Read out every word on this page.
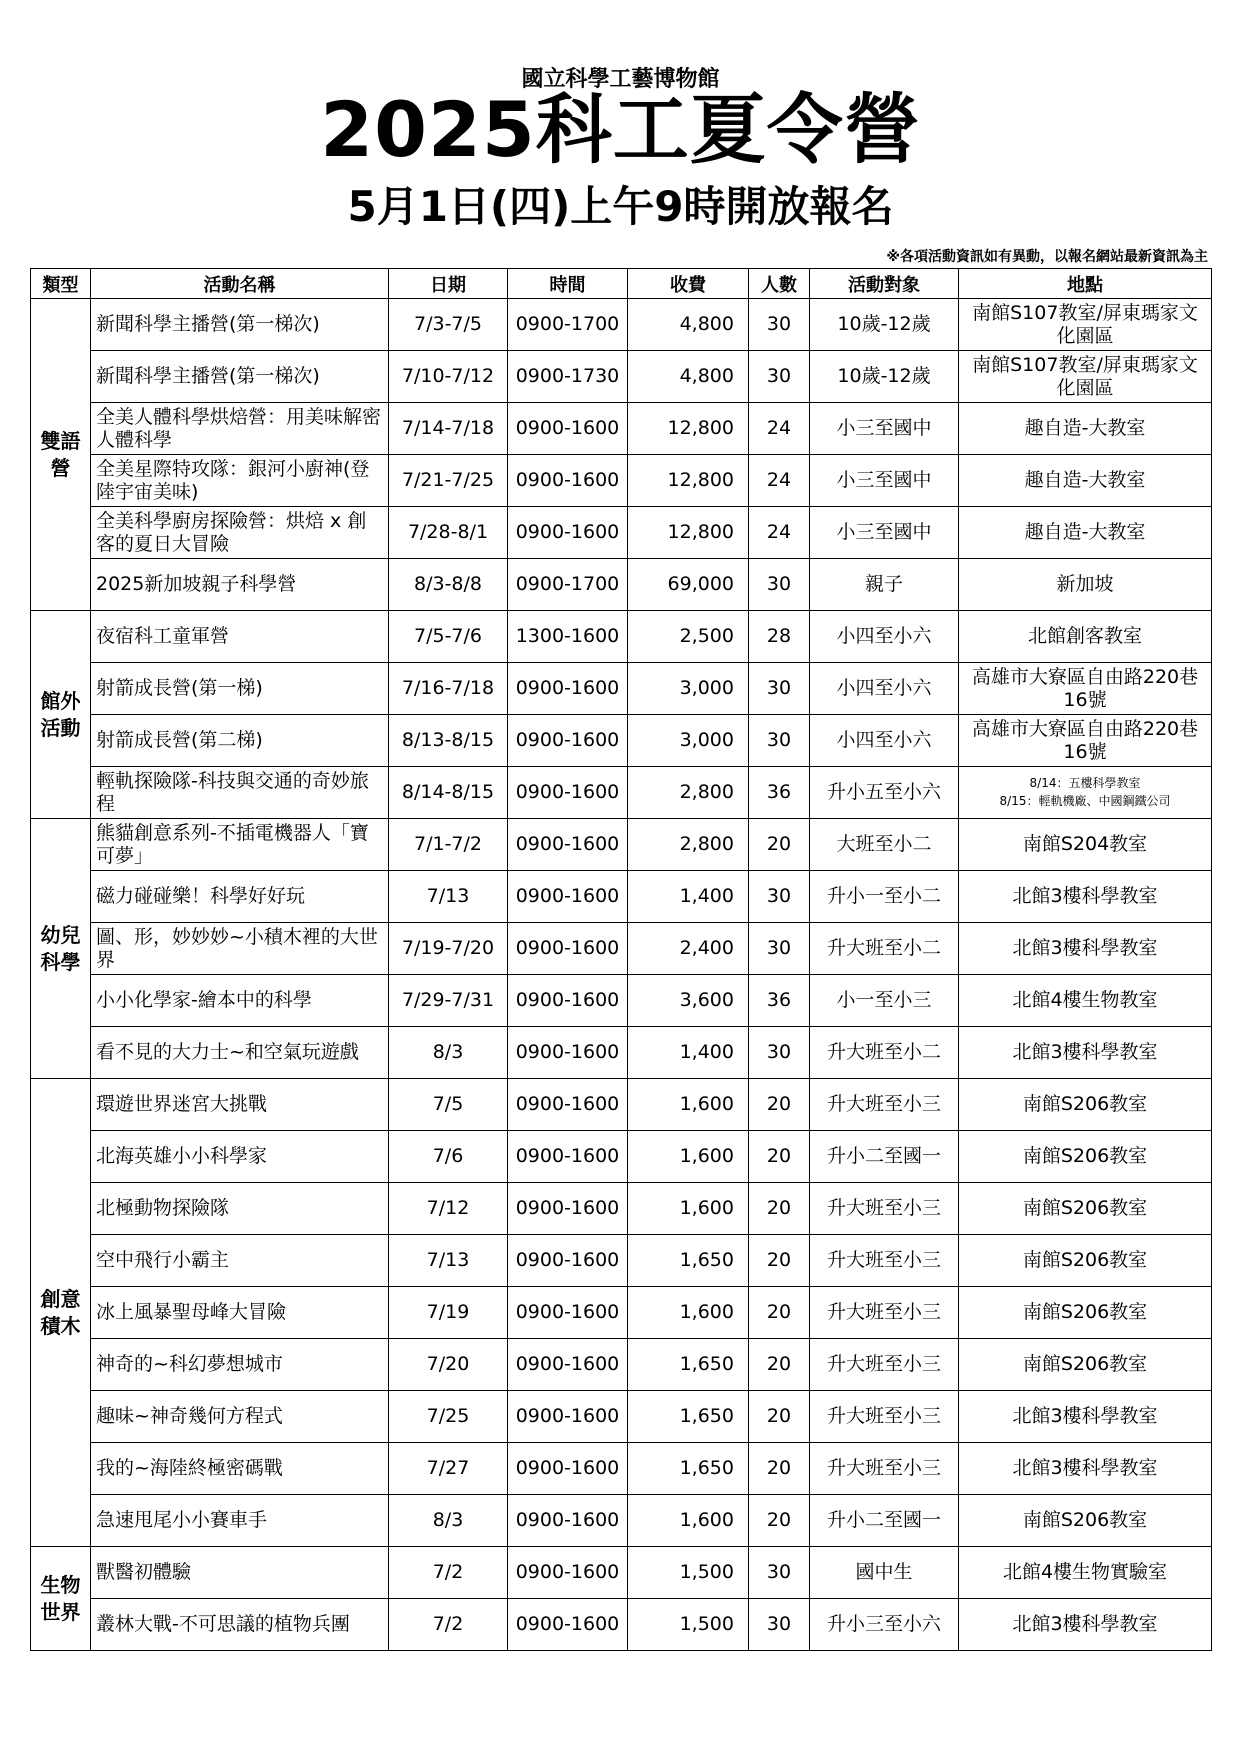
國立科學工藝博物館
2025科工夏令營
5月1日(四)上午9時開放報名
※各項活動資訊如有異動，以報名網站最新資訊為主
類型	活動名稱	日期	時間	收費	人數	活動對象	地點

雙語營	新聞科學主播營(第一梯次)	7/3-7/5	0900-1700	4,800	30	10歲-12歲	南館S107教室/屏東瑪家文化園區
	新聞科學主播營(第一梯次)	7/10-7/12	0900-1730	4,800	30	10歲-12歲	南館S107教室/屏東瑪家文化園區
	全美人體科學烘焙營：用美味解密人體科學	7/14-7/18	0900-1600	12,800	24	小三至國中	趣自造-大教室
	全美星際特攻隊：銀河小廚神(登陸宇宙美味)	7/21-7/25	0900-1600	12,800	24	小三至國中	趣自造-大教室
	全美科學廚房探險營：烘焙 x 創客的夏日大冒險	7/28-8/1	0900-1600	12,800	24	小三至國中	趣自造-大教室
	2025新加坡親子科學營	8/3-8/8	0900-1700	69,000	30	親子	新加坡

館外活動	夜宿科工童軍營	7/5-7/6	1300-1600	2,500	28	小四至小六	北館創客教室
	射箭成長營(第一梯)	7/16-7/18	0900-1600	3,000	30	小四至小六	高雄市大寮區自由路220巷16號
	射箭成長營(第二梯)	8/13-8/15	0900-1600	3,000	30	小四至小六	高雄市大寮區自由路220巷16號
	輕軌探險隊-科技與交通的奇妙旅程	8/14-8/15	0900-1600	2,800	36	升小五至小六	8/14：五樓科學教室
8/15：輕軌機廠、中國鋼鐵公司

幼兒科學	熊貓創意系列-不插電機器人「寶可夢」	7/1-7/2	0900-1600	2,800	20	大班至小二	南館S204教室
	磁力碰碰樂！科學好好玩	7/13	0900-1600	1,400	30	升小一至小二	北館3樓科學教室
	圖、形，妙妙妙~小積木裡的大世界	7/19-7/20	0900-1600	2,400	30	升大班至小二	北館3樓科學教室
	小小化學家-繪本中的科學	7/29-7/31	0900-1600	3,600	36	小一至小三	北館4樓生物教室
	看不見的大力士~和空氣玩遊戲	8/3	0900-1600	1,400	30	升大班至小二	北館3樓科學教室

創意積木	環遊世界迷宮大挑戰	7/5	0900-1600	1,600	20	升大班至小三	南館S206教室
	北海英雄小小科學家	7/6	0900-1600	1,600	20	升小二至國一	南館S206教室
	北極動物探險隊	7/12	0900-1600	1,600	20	升大班至小三	南館S206教室
	空中飛行小霸主	7/13	0900-1600	1,650	20	升大班至小三	南館S206教室
	冰上風暴聖母峰大冒險	7/19	0900-1600	1,600	20	升大班至小三	南館S206教室
	神奇的~科幻夢想城市	7/20	0900-1600	1,650	20	升大班至小三	南館S206教室
	趣味~神奇幾何方程式	7/25	0900-1600	1,650	20	升大班至小三	北館3樓科學教室
	我的~海陸終極密碼戰	7/27	0900-1600	1,650	20	升大班至小三	北館3樓科學教室
	急速甩尾小小賽車手	8/3	0900-1600	1,600	20	升小二至國一	南館S206教室

生物世界	獸醫初體驗	7/2	0900-1600	1,500	30	國中生	北館4樓生物實驗室
	叢林大戰-不可思議的植物兵團	7/2	0900-1600	1,500	30	升小三至小六	北館3樓科學教室
